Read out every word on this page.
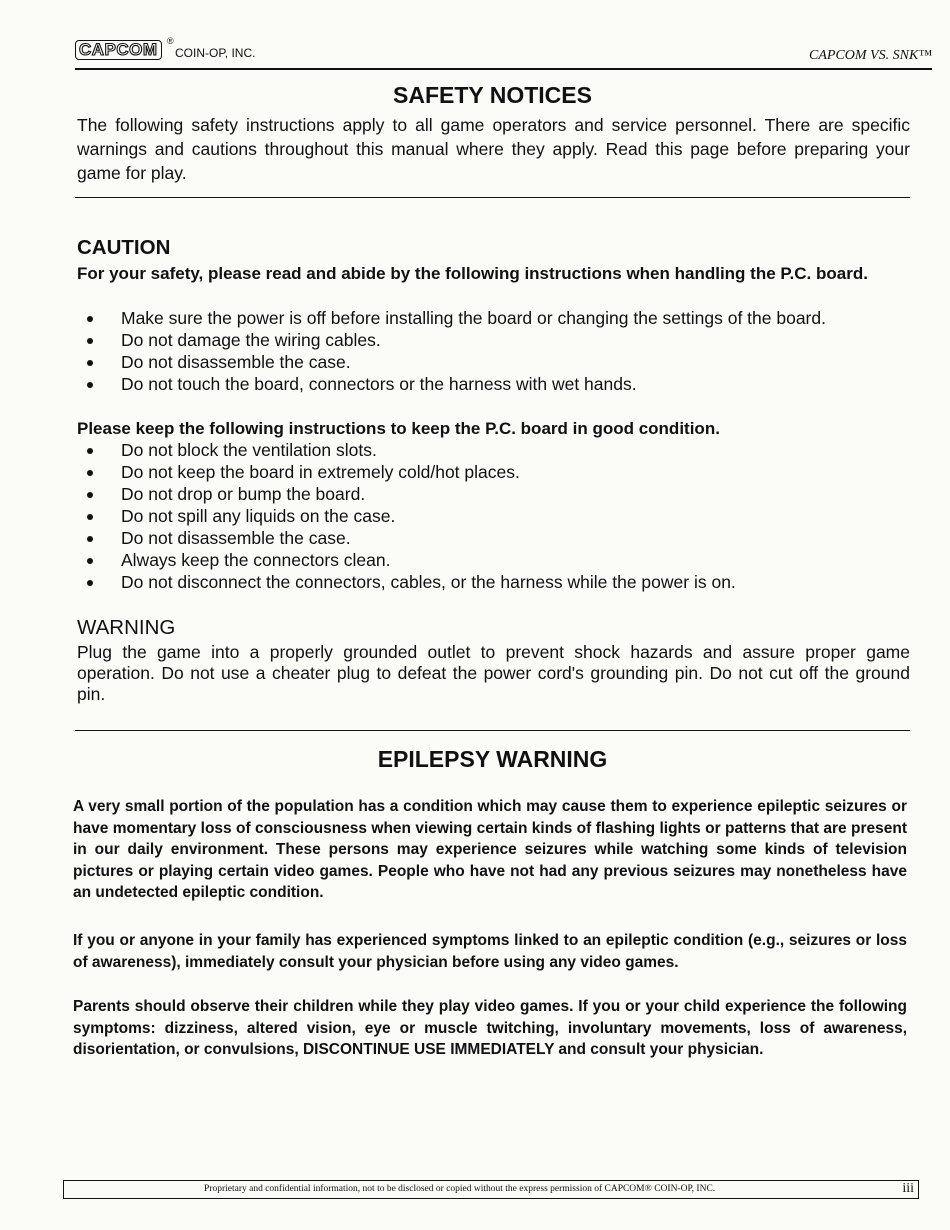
CAPCOM	®
COIN-OP, INC.	CAPCOM VS. SNK™
SAFETY NOTICES
The following safety instructions apply to all game operators and service personnel. There are specific warnings and cautions throughout this manual where they apply. Read this page before preparing your game for play.
CAUTION
For your safety, please read and abide by the following instructions when handling the P.C. board.
Make sure the power is off before installing the board or changing the settings of the board.
Do not damage the wiring cables.
Do not disassemble the case.
Do not touch the board, connectors or the harness with wet hands.
Please keep the following instructions to keep the P.C. board in good condition.
Do not block the ventilation slots.
Do not keep the board in extremely cold/hot places.
Do not drop or bump the board.
Do not spill any liquids on the case.
Do not disassemble the case.
Always keep the connectors clean.
Do not disconnect the connectors, cables, or the harness while the power is on.
WARNING
Plug the game into a properly grounded outlet to prevent shock hazards and assure proper game operation. Do not use a cheater plug to defeat the power cord's grounding pin. Do not cut off the ground pin.
EPILEPSY WARNING
A very small portion of the population has a condition which may cause them to experience epileptic seizures or have momentary loss of consciousness when viewing certain kinds of flashing lights or patterns that are present in our daily environment. These persons may experience seizures while watching some kinds of television pictures or playing certain video games. People who have not had any previous seizures may nonetheless have an undetected epileptic condition.
If you or anyone in your family has experienced symptoms linked to an epileptic condition (e.g., seizures or loss of awareness), immediately consult your physician before using any video games.
Parents should observe their children while they play video games. If you or your child experience the following symptoms: dizziness, altered vision, eye or muscle twitching, involuntary movements, loss of awareness, disorientation, or convulsions, DISCONTINUE USE IMMEDIATELY and consult your physician.
Proprietary and confidential information, not to be disclosed or copied without the express permission of CAPCOM® COIN-OP, INC.	iii
